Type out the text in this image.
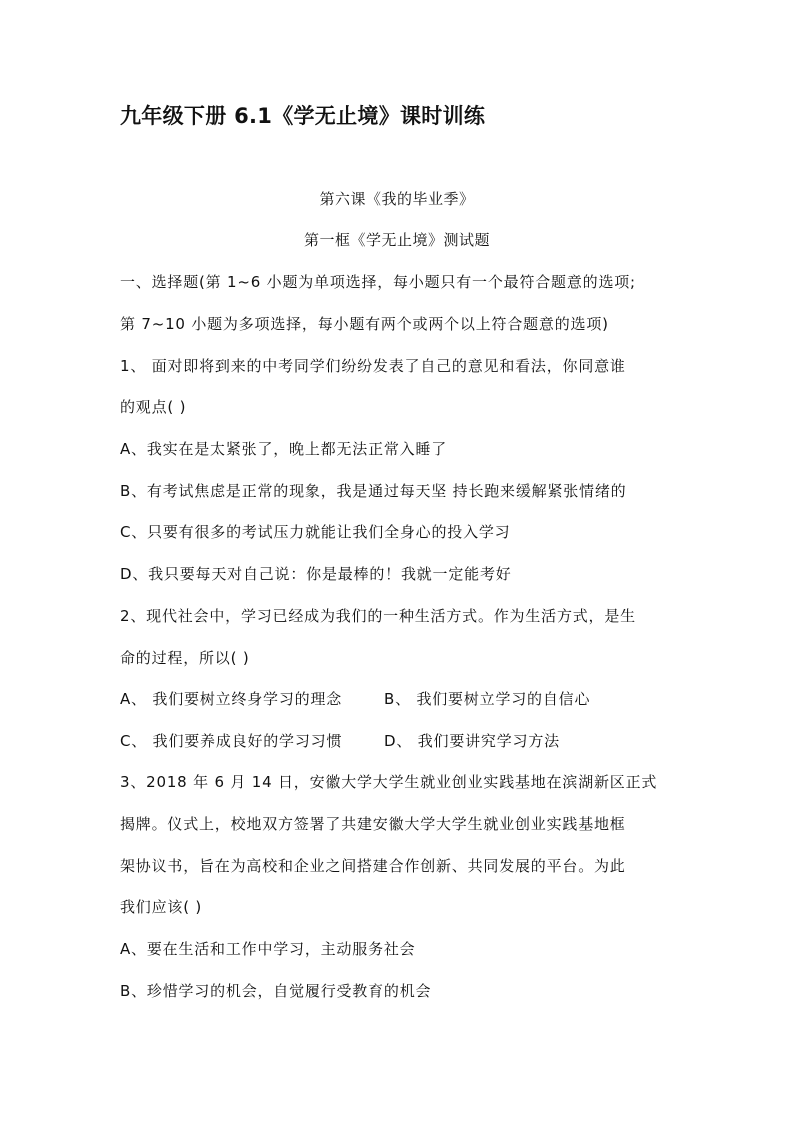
九年级下册 6.1《学无止境》课时训练
第六课《我的毕业季》
第一框《学无止境》测试题
一、选择题(第 1~6 小题为单项选择，每小题只有一个最符合题意的选项;
第 7~10 小题为多项选择，每小题有两个或两个以上符合题意的选项)
1、 面对即将到来的中考同学们纷纷发表了自己的意见和看法，你同意谁
的观点( )
A、我实在是太紧张了，晚上都无法正常入睡了
B、有考试焦虑是正常的现象，我是通过每天坚 持长跑来缓解紧张情绪的
C、只要有很多的考试压力就能让我们全身心的投入学习
D、我只要每天对自己说：你是最棒的！我就一定能考好
2、现代社会中，学习已经成为我们的一种生活方式。作为生活方式，是生
命的过程，所以( )
A、 我们要树立终身学习的理念	B、 我们要树立学习的自信心
C、 我们要养成良好的学习习惯	D、 我们要讲究学习方法
3、2018 年 6 月 14 日，安徽大学大学生就业创业实践基地在滨湖新区正式
揭牌。仪式上，校地双方签署了共建安徽大学大学生就业创业实践基地框
架协议书，旨在为高校和企业之间搭建合作创新、共同发展的平台。为此
我们应该( )
A、要在生活和工作中学习，主动服务社会
B、珍惜学习的机会，自觉履行受教育的机会
